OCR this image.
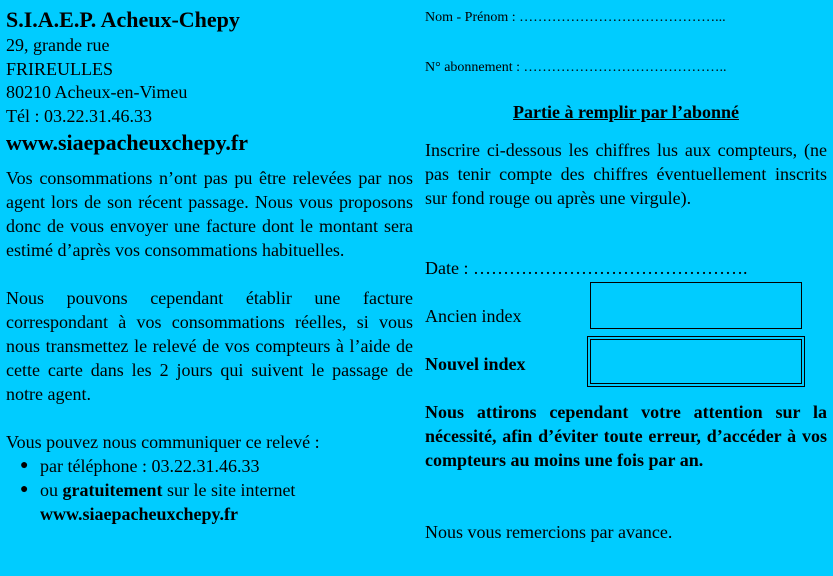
S.I.A.E.P. Acheux-Chepy
29, grande rue
FRIREULLES
80210 Acheux-en-Vimeu
Tél : 03.22.31.46.33
www.siaepacheuxchepy.fr
Vos consommations n’ont pas pu être relevées par nos agent lors de son récent passage. Nous vous proposons donc de vous envoyer une facture dont le montant sera estimé d’après vos consommations habituelles.
Nous pouvons cependant établir une facture correspondant à vos consommations réelles, si vous nous transmettez le relevé de vos compteurs à l’aide de cette carte dans les 2 jours qui suivent le passage de notre agent.
Vous pouvez nous communiquer ce relevé :
● par téléphone : 03.22.31.46.33
● ou gratuitement sur le site internet
www.siaepacheuxchepy.fr
Nom - Prénom : ……………………………………...
N° abonnement : ……………………………………..
Partie à remplir par l’abonné
Inscrire ci-dessous les chiffres lus aux compteurs, (ne pas tenir compte des chiffres éventuellement inscrits sur fond rouge ou après une virgule).
Date : ……………………………………….
Ancien index
Nouvel index
Nous attirons cependant votre attention sur la nécessité, afin d’éviter toute erreur, d’accéder à vos compteurs au moins une fois par an.
Nous vous remercions par avance.
